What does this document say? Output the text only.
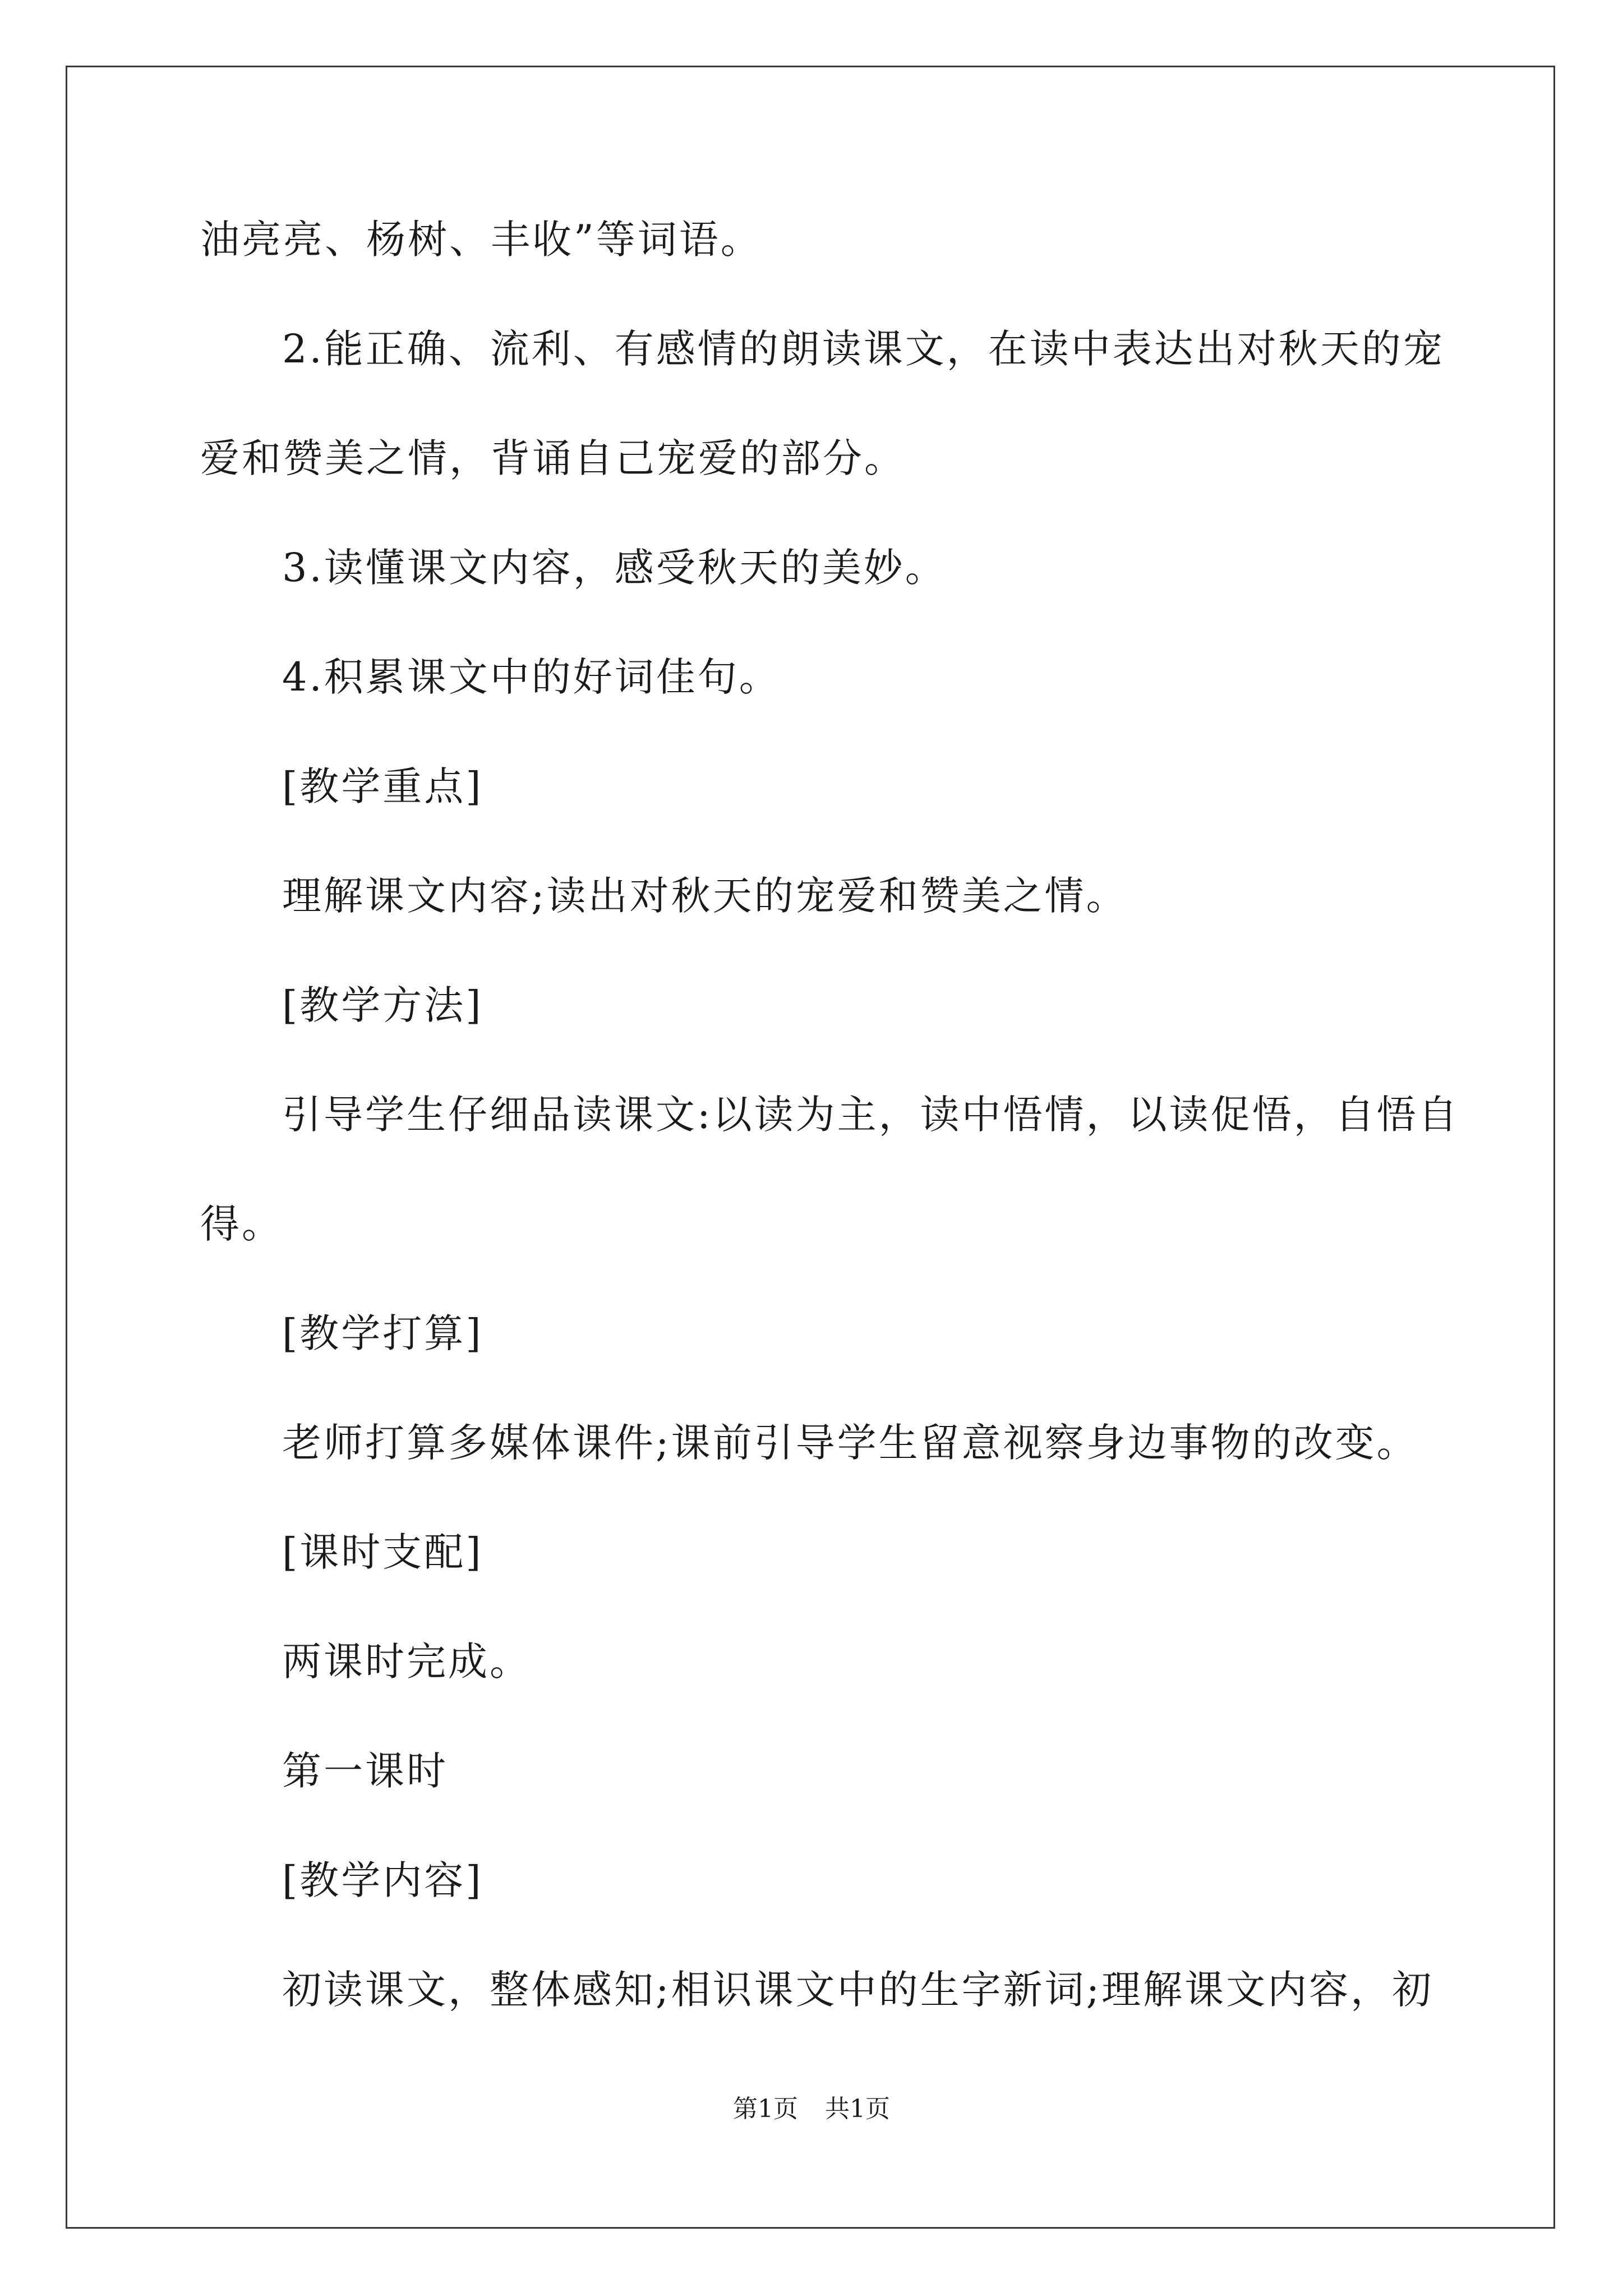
油亮亮、杨树、丰收”等词语。
2.能正确、流利、有感情的朗读课文，在读中表达出对秋天的宠
爱和赞美之情，背诵自己宠爱的部分。
3.读懂课文内容，感受秋天的美妙。
4.积累课文中的好词佳句。
[教学重点]
理解课文内容;读出对秋天的宠爱和赞美之情。
[教学方法]
引导学生仔细品读课文:以读为主，读中悟情，以读促悟，自悟自
得。
[教学打算]
老师打算多媒体课件;课前引导学生留意视察身边事物的改变。
[课时支配]
两课时完成。
第一课时
[教学内容]
初读课文，整体感知;相识课文中的生字新词;理解课文内容，初
第1页 共1页
